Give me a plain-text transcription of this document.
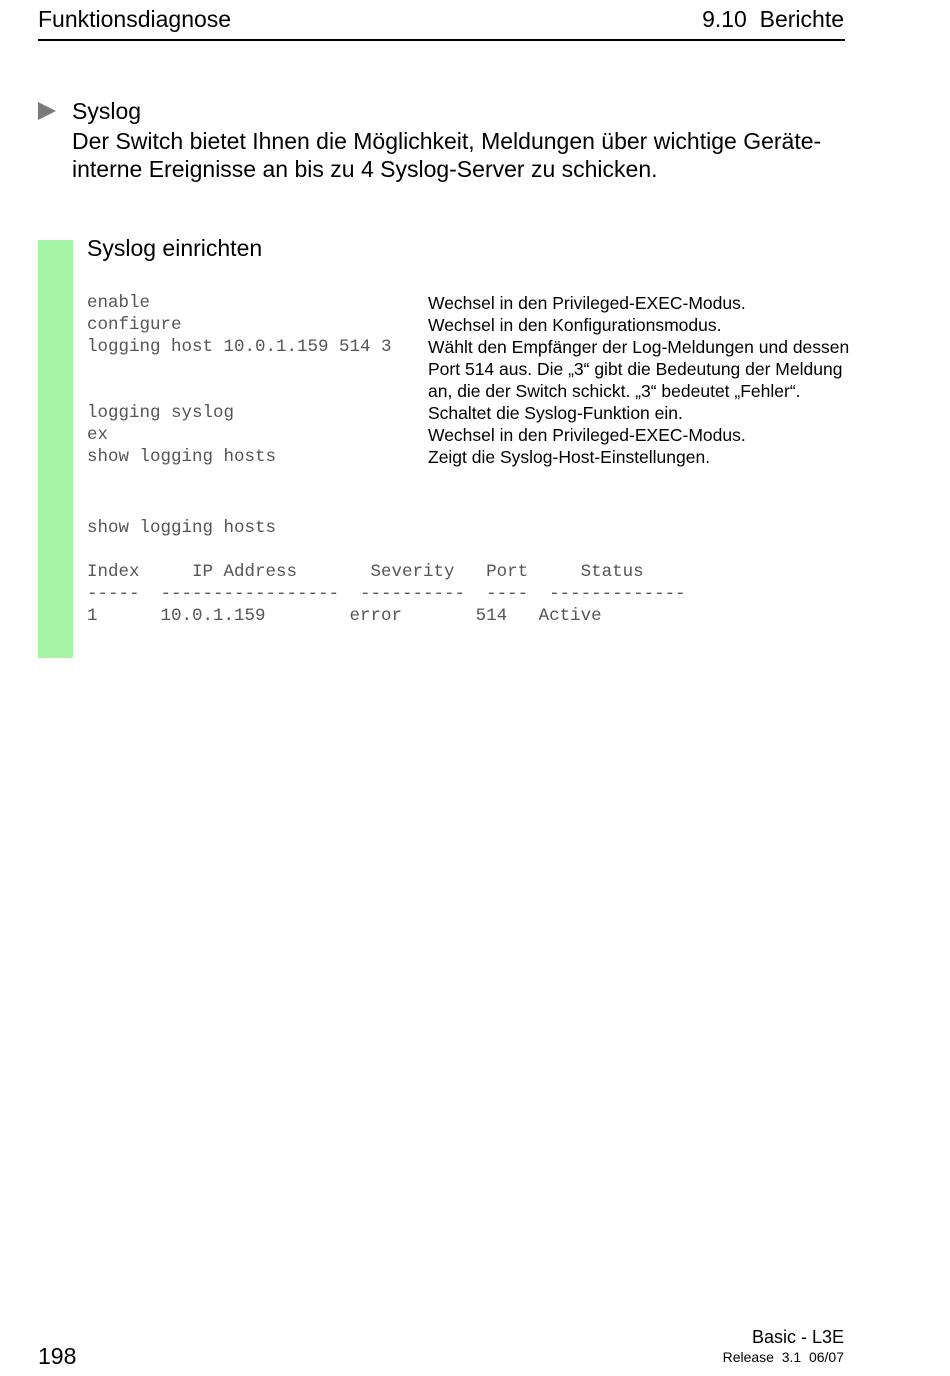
Funktionsdiagnose	9.10  Berichte
Syslog
Der Switch bietet Ihnen die Möglichkeit, Meldungen über wichtige Geräte-interne Ereignisse an bis zu 4 Syslog-Server zu schicken.
Syslog einrichten
enable	Wechsel in den Privileged-EXEC-Modus.
configure	Wechsel in den Konfigurationsmodus.
logging host 10.0.1.159 514 3	Wählt den Empfänger der Log-Meldungen und dessen Port 514 aus. Die „3“ gibt die Bedeutung der Meldung an, die der Switch schickt. „3“ bedeutet „Fehler“.
logging syslog	Schaltet die Syslog-Funktion ein.
ex	Wechsel in den Privileged-EXEC-Modus.
show logging hosts	Zeigt die Syslog-Host-Einstellungen.
show logging hosts
Index     IP Address       Severity   Port     Status
-----  -----------------  ----------  ----  -------------
1      10.0.1.159        error       514   Active
198
Basic - L3E
Release  3.1  06/07
